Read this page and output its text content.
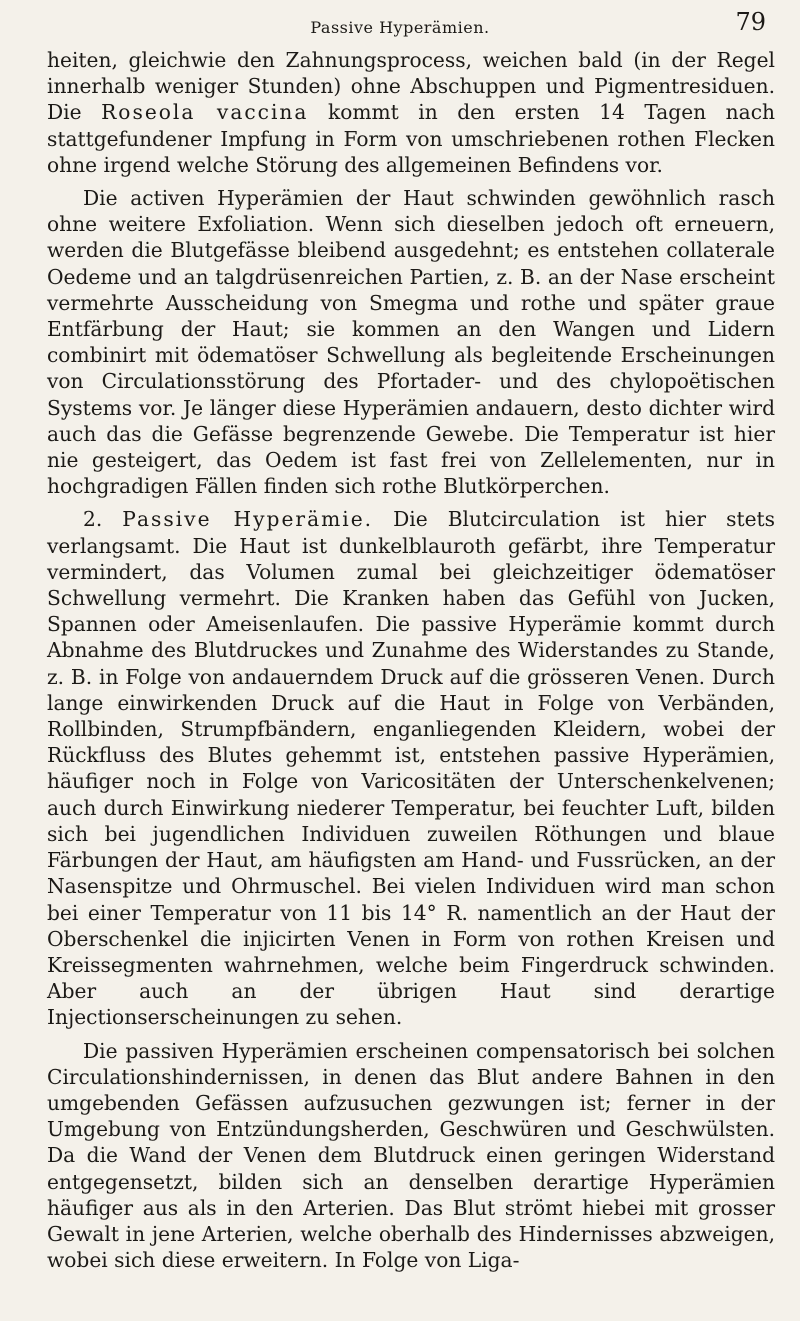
Passive Hyperämien.	79

heiten, gleichwie den Zahnungsprocess, weichen bald (in der Regel innerhalb weniger Stunden) ohne Abschuppen und Pigmentresiduen. Die Roseola vaccina kommt in den ersten 14 Tagen nach stattgefundener Impfung in Form von umschriebenen rothen Flecken ohne irgend welche Störung des allgemeinen Befindens vor.

Die activen Hyperämien der Haut schwinden gewöhnlich rasch ohne weitere Exfoliation. Wenn sich dieselben jedoch oft erneuern, werden die Blutgefässe bleibend ausgedehnt; es entstehen collaterale Oedeme und an talgdrüsenreichen Partien, z. B. an der Nase erscheint vermehrte Ausscheidung von Smegma und rothe und später graue Entfärbung der Haut; sie kommen an den Wangen und Lidern combinirt mit ödematöser Schwellung als begleitende Erscheinungen von Circulationsstörung des Pfortader- und des chylopoëtischen Systems vor. Je länger diese Hyperämien andauern, desto dichter wird auch das die Gefässe begrenzende Gewebe. Die Temperatur ist hier nie gesteigert, das Oedem ist fast frei von Zellelementen, nur in hochgradigen Fällen finden sich rothe Blutkörperchen.

2. Passive Hyperämie. Die Blutcirculation ist hier stets verlangsamt. Die Haut ist dunkelblauroth gefärbt, ihre Temperatur vermindert, das Volumen zumal bei gleichzeitiger ödematöser Schwellung vermehrt. Die Kranken haben das Gefühl von Jucken, Spannen oder Ameisenlaufen. Die passive Hyperämie kommt durch Abnahme des Blutdruckes und Zunahme des Widerstandes zu Stande, z. B. in Folge von andauerndem Druck auf die grösseren Venen. Durch lange einwirkenden Druck auf die Haut in Folge von Verbänden, Rollbinden, Strumpfbändern, enganliegenden Kleidern, wobei der Rückfluss des Blutes gehemmt ist, entstehen passive Hyperämien, häufiger noch in Folge von Varicositäten der Unterschenkelvenen; auch durch Einwirkung niederer Temperatur, bei feuchter Luft, bilden sich bei jugendlichen Individuen zuweilen Röthungen und blaue Färbungen der Haut, am häufigsten am Hand- und Fussrücken, an der Nasenspitze und Ohrmuschel. Bei vielen Individuen wird man schon bei einer Temperatur von 11 bis 14° R. namentlich an der Haut der Oberschenkel die injicirten Venen in Form von rothen Kreisen und Kreissegmenten wahrnehmen, welche beim Fingerdruck schwinden. Aber auch an der übrigen Haut sind derartige Injectionserscheinungen zu sehen.

Die passiven Hyperämien erscheinen compensatorisch bei solchen Circulationshindernissen, in denen das Blut andere Bahnen in den umgebenden Gefässen aufzusuchen gezwungen ist; ferner in der Umgebung von Entzündungsherden, Geschwüren und Geschwülsten. Da die Wand der Venen dem Blutdruck einen geringen Widerstand entgegensetzt, bilden sich an denselben derartige Hyperämien häufiger aus als in den Arterien. Das Blut strömt hiebei mit grosser Gewalt in jene Arterien, welche oberhalb des Hindernisses abzweigen, wobei sich diese erweitern. In Folge von Liga-
